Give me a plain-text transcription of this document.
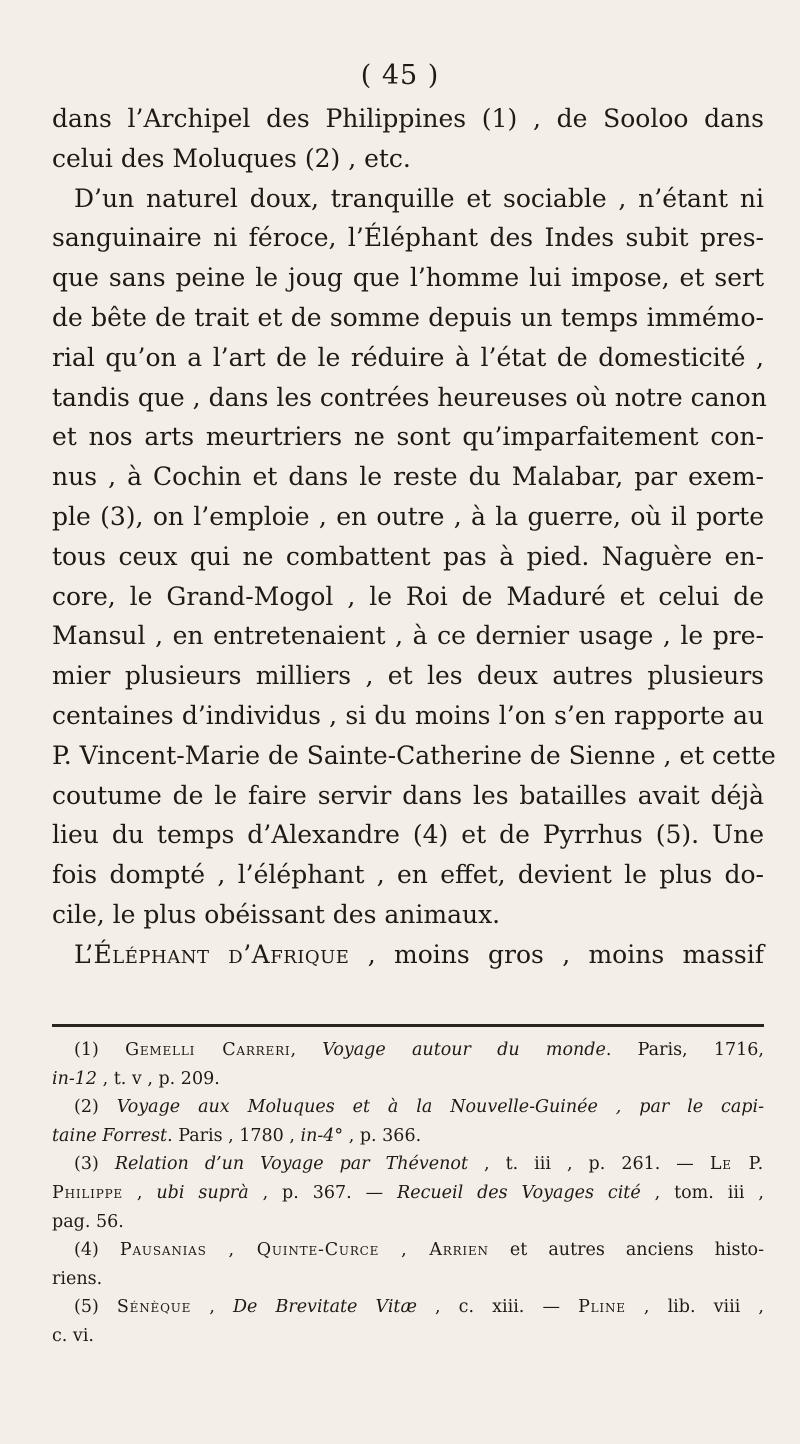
( 45 )
dans l’Archipel des Philippines (1) , de Sooloo dans
celui des Moluques (2) , etc.
D’un naturel doux, tranquille et sociable , n’étant ni
sanguinaire ni féroce, l’Éléphant des Indes subit pres-
que sans peine le joug que l’homme lui impose, et sert
de bête de trait et de somme depuis un temps immémo-
rial qu’on a l’art de le réduire à l’état de domesticité ,
tandis que , dans les contrées heureuses où notre canon
et nos arts meurtriers ne sont qu’imparfaitement con-
nus , à Cochin et dans le reste du Malabar, par exem-
ple (3), on l’emploie , en outre , à la guerre, où il porte
tous ceux qui ne combattent pas à pied. Naguère en-
core, le Grand-Mogol , le Roi de Maduré et celui de
Mansul , en entretenaient , à ce dernier usage , le pre-
mier plusieurs milliers , et les deux autres plusieurs
centaines d’individus , si du moins l’on s’en rapporte au
P. Vincent-Marie de Sainte-Catherine de Sienne , et cette
coutume de le faire servir dans les batailles avait déjà
lieu du temps d’Alexandre (4) et de Pyrrhus (5). Une
fois dompté , l’éléphant , en effet, devient le plus do-
cile, le plus obéissant des animaux.
L’Éléphant d’Afrique , moins gros , moins massif
(1) Gemelli Carreri, Voyage autour du monde. Paris, 1716,
in-12 , t. v , p. 209.
(2) Voyage aux Moluques et à la Nouvelle-Guinée , par le capi-
taine Forrest. Paris , 1780 , in-4° , p. 366.
(3) Relation d’un Voyage par Thévenot , t. iii , p. 261. — Le P.
Philippe , ubi suprà , p. 367. — Recueil des Voyages cité , tom. iii ,
pag. 56.
(4) Pausanias , Quinte-Curce , Arrien et autres anciens histo-
riens.
(5) Sénèque , De Brevitate Vitæ , c. xiii. — Pline , lib. viii ,
c. vi.
